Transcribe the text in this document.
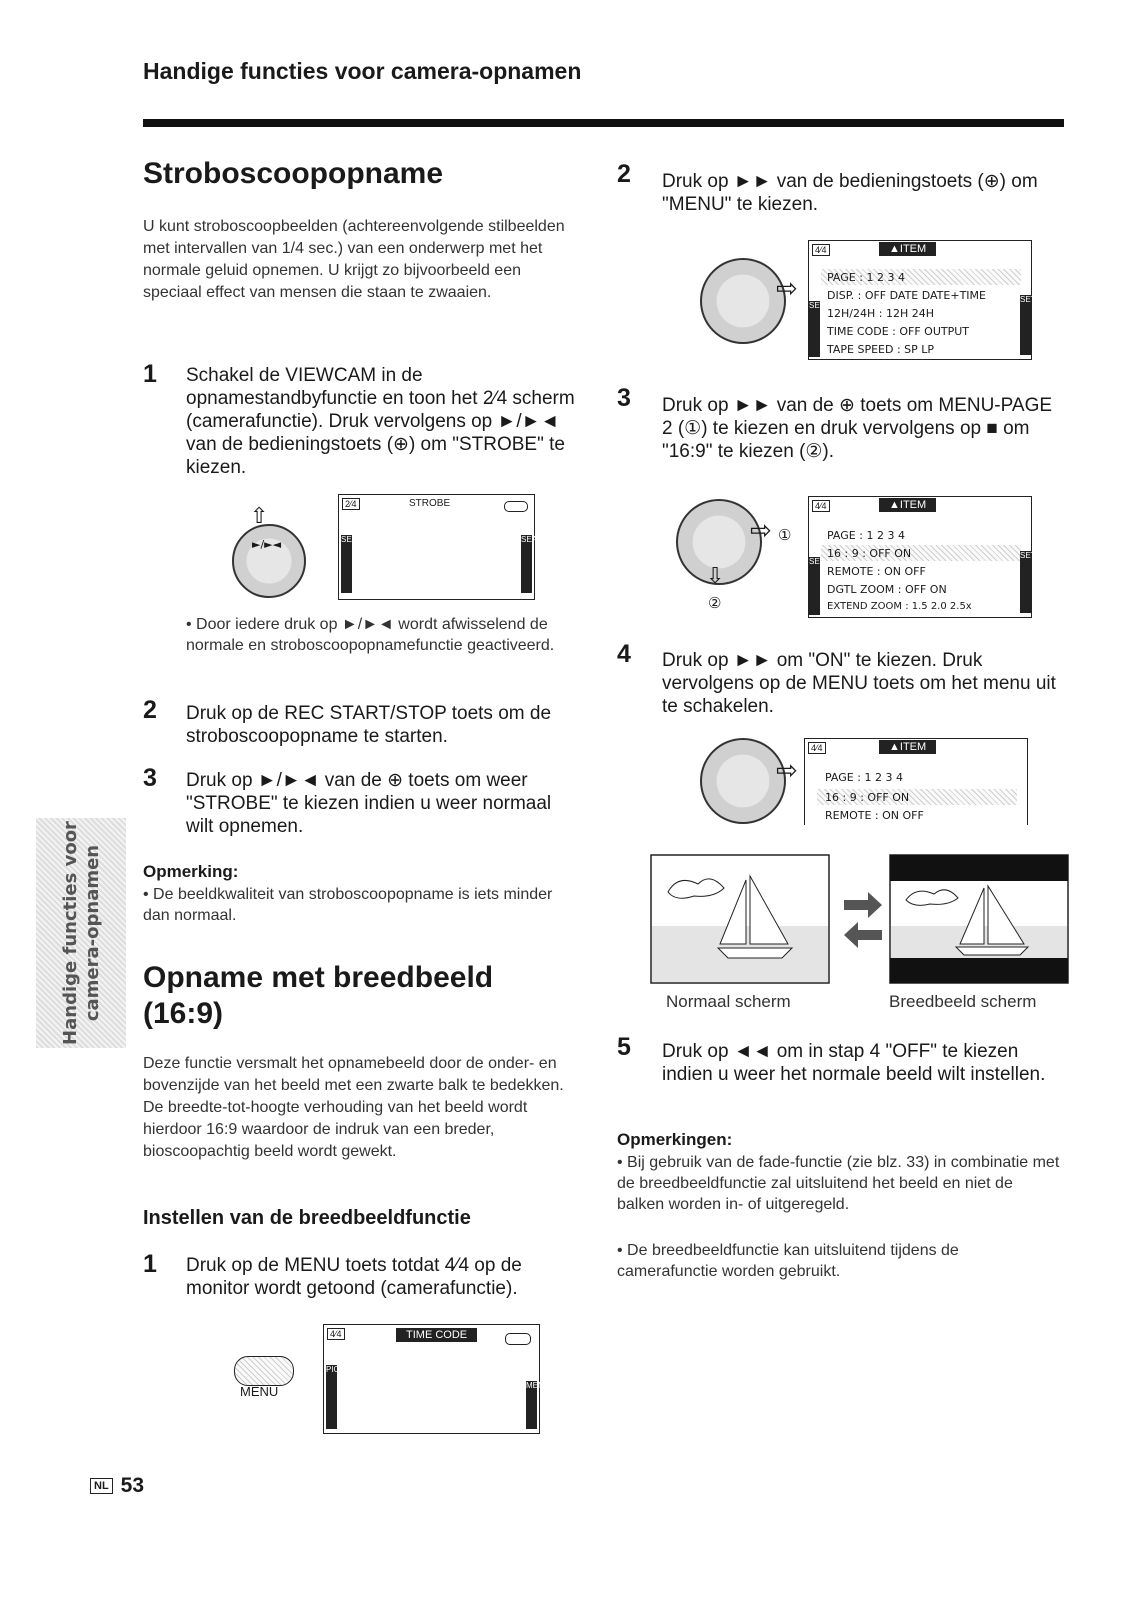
Handige functies voor camera-opnamen
Handige functies voor camera-opnamen
Stroboscoopopname
U kunt stroboscoopbeelden (achtereenvolgende stilbeelden met intervallen van 1/4 sec.) van een onderwerp met het normale geluid opnemen. U krijgt zo bijvoorbeeld een speciaal effect van mensen die staan te zwaaien.
1 Schakel de VIEWCAM in de opnamestandbyfunctie en toon het 2⁄4 scherm (camerafunctie). Druk vervolgens op ►/►◄ van de bedieningstoets (⊕) om "STROBE" te kiezen.
⇧
►/►◄
2⁄4	STROBE
SEARCH	SEARCH
• Door iedere druk op ►/►◄ wordt afwisselend de normale en stroboscoopopnamefunctie geactiveerd.
2 Druk op de REC START/STOP toets om de stroboscoopopname te starten.
3 Druk op ►/►◄ van de ⊕ toets om weer "STROBE" te kiezen indien u weer normaal wilt opnemen.
Opmerking:
• De beeldkwaliteit van stroboscoopopname is iets minder dan normaal.
Opname met breedbeeld
(16:9)
Deze functie versmalt het opnamebeeld door de onder- en bovenzijde van het beeld met een zwarte balk te bedekken. De breedte-tot-hoogte verhouding van het beeld wordt hierdoor 16:9 waardoor de indruk van een breder, bioscoopachtig beeld wordt gewekt.
Instellen van de breedbeeldfunctie
1 Druk op de MENU toets totdat 4⁄4 op de monitor wordt getoond (camerafunctie).
MENU
4⁄4	TIME CODE
PICTURE
MENU
2 Druk op ►► van de bedieningstoets (⊕) om "MENU" te kiezen.
⇨
4⁄4	▲ITEM
PAGE : 1 2 3 4
DISP. : OFF DATE DATE+TIME
12H/24H : 12H 24H
TIME CODE : OFF OUTPUT
TAPE SPEED : SP LP
SET
SET
3 Druk op ►► van de ⊕ toets om MENU-PAGE 2 (①) te kiezen en druk vervolgens op ■ om "16:9" te kiezen (②).
⇨ ①
⇩
②
4⁄4	▲ITEM
PAGE : 1 2 3 4
16 : 9 : OFF ON
REMOTE : ON OFF
DGTL ZOOM : OFF ON
EXTEND ZOOM : 1.5 2.0 2.5x
SET
SET
4 Druk op ►► om "ON" te kiezen. Druk vervolgens op de MENU toets om het menu uit te schakelen.
⇨
4⁄4	▲ITEM
PAGE : 1 2 3 4
16 : 9 : OFF ON
REMOTE : ON OFF
Normaal scherm	Breedbeeld scherm
5 Druk op ◄◄ om in stap 4 "OFF" te kiezen indien u weer het normale beeld wilt instellen.
Opmerkingen:
• Bij gebruik van de fade-functie (zie blz. 33) in combinatie met de breedbeeldfunctie zal uitsluitend het beeld en niet de balken worden in- of uitgeregeld.
• De breedbeeldfunctie kan uitsluitend tijdens de camerafunctie worden gebruikt.
NL 53
